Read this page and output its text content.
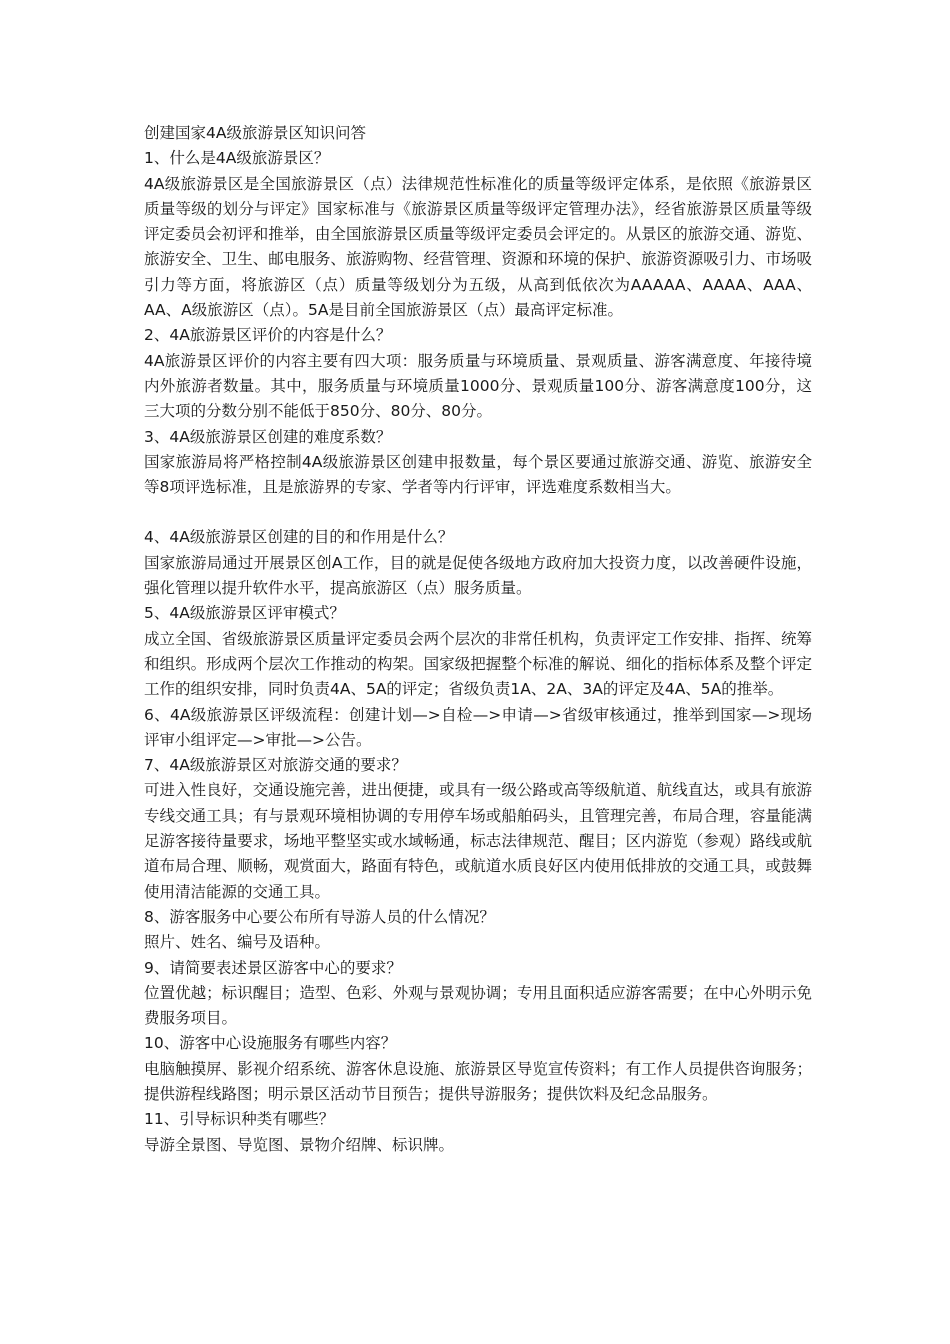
创建国家4A级旅游景区知识问答

1、什么是4A级旅游景区？

4A级旅游景区是全国旅游景区（点）法律规范性标准化的质量等级评定体系，是依照《旅游景区质量等级的划分与评定》国家标准与《旅游景区质量等级评定管理办法》，经省旅游景区质量等级评定委员会初评和推举，由全国旅游景区质量等级评定委员会评定的。从景区的旅游交通、游览、旅游安全、卫生、邮电服务、旅游购物、经营管理、资源和环境的保护、旅游资源吸引力、市场吸引力等方面，将旅游区（点）质量等级划分为五级，从高到低依次为AAAAA、AAAA、AAA、AA、A级旅游区（点）。5A是目前全国旅游景区（点）最高评定标准。

2、4A旅游景区评价的内容是什么？

4A旅游景区评价的内容主要有四大项：服务质量与环境质量、景观质量、游客满意度、年接待境内外旅游者数量。其中，服务质量与环境质量1000分、景观质量100分、游客满意度100分，这三大项的分数分别不能低于850分、80分、80分。

3、4A级旅游景区创建的难度系数？

国家旅游局将严格控制4A级旅游景区创建申报数量，每个景区要通过旅游交通、游览、旅游安全等8项评选标准，且是旅游界的专家、学者等内行评审，评选难度系数相当大。

4、4A级旅游景区创建的目的和作用是什么？

国家旅游局通过开展景区创A工作，目的就是促使各级地方政府加大投资力度，以改善硬件设施，强化管理以提升软件水平，提高旅游区（点）服务质量。

5、4A级旅游景区评审模式？

成立全国、省级旅游景区质量评定委员会两个层次的非常任机构，负责评定工作安排、指挥、统筹和组织。形成两个层次工作推动的构架。国家级把握整个标准的解说、细化的指标体系及整个评定工作的组织安排，同时负责4A、5A的评定；省级负责1A、2A、3A的评定及4A、5A的推举。

6、4A级旅游景区评级流程：创建计划—>自检—>申请—>省级审核通过，推举到国家—>现场评审小组评定—>审批—>公告。

7、4A级旅游景区对旅游交通的要求？

可进入性良好，交通设施完善，进出便捷，或具有一级公路或高等级航道、航线直达，或具有旅游专线交通工具；有与景观环境相协调的专用停车场或船舶码头，且管理完善，布局合理，容量能满足游客接待量要求，场地平整坚实或水域畅通，标志法律规范、醒目；区内游览（参观）路线或航道布局合理、顺畅，观赏面大，路面有特色，或航道水质良好区内使用低排放的交通工具，或鼓舞使用清洁能源的交通工具。

8、游客服务中心要公布所有导游人员的什么情况？

照片、姓名、编号及语种。

9、请简要表述景区游客中心的要求？

位置优越；标识醒目；造型、色彩、外观与景观协调；专用且面积适应游客需要；在中心外明示免费服务项目。

10、游客中心设施服务有哪些内容？

电脑触摸屏、影视介绍系统、游客休息设施、旅游景区导览宣传资料；有工作人员提供咨询服务；提供游程线路图；明示景区活动节目预告；提供导游服务；提供饮料及纪念品服务。

11、引导标识种类有哪些？

导游全景图、导览图、景物介绍牌、标识牌。
